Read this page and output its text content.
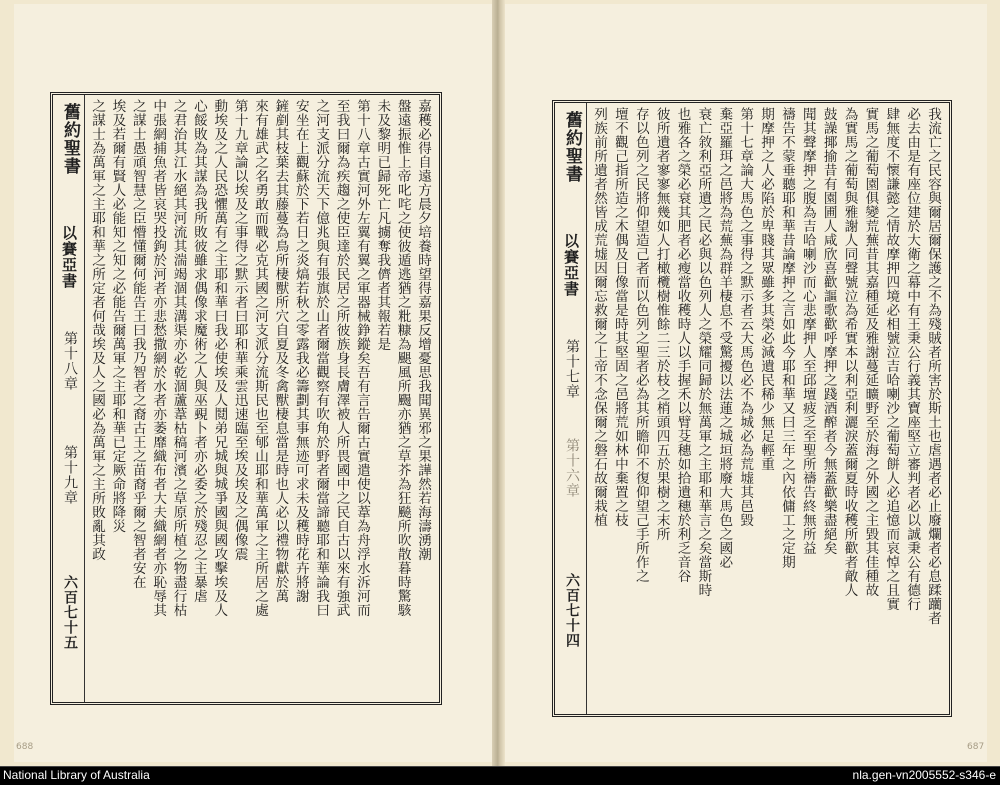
嘉穫必得自遠方晨夕培養時望得嘉果反增憂思我聞異邪之果譁然若海濤湧潮
盤遠振惟上帝叱咤之使彼遁逃猶之粃糠為颶風所颺亦猶之草芥為狂飈所吹散暮時驚駭
未及黎明已歸死亡凡擄奪我儕者其報若是
第十八章古實河外左翼有翼之軍器械錚鏦矣吾有言告爾古實遣使以葦為舟浮水泝河而
至我曰爾為疾趨之使臣達於民居之所彼族身長膚澤被人所畏國中之民自古以來有強武
之河支派分流天下億兆與有張旗於山者爾當觀察有吹角於野者爾當諦聽耶和華論我曰
安坐在上觀蘇於下若日之炎熇若秋之零露我必籌劃其事無迹可求未及穫時花卉將謝
鏟剷其枝葉去其藤蔓為鳥所棲獸所穴自夏及冬禽獸棲息當是時也人必以禮物獻於萬
來有雄武之名勇敢而戰必克其國之河支派分流斯民也至郇山耶和華萬軍之主所居之處
第十九章論以埃及之事得之默示者曰耶和華乘雲迅速臨至埃及埃及之偶像震
動埃及之人民恐懼萬有之主耶和華曰我必使埃及人鬩弟兄城與城爭國與國攻擊埃及人
心餒敗為其謀為我所敗彼雖求偶像求魔術之人與巫覡卜者亦必委之於殘忍之主暴虐
之君治其江水絕其河流其湍竭涸其溝渠亦必乾涸蘆葦枯稿河濱之草原所植之物盡行枯
中張網捕魚者皆哀哭投鉤於河者亦悲愁撒網於水者亦萎靡織布者大夫織網者亦恥辱其
之謀士愚頑智慧之臣懵懂爾何能告王曰我乃智者之裔古王之苗裔乎爾之智者安在
埃及若爾有賢人必能知之知之必能告爾萬軍之主耶和華已定厥命將降災
之謀士為萬軍之主耶和華之所定者何哉埃及人之國必為萬軍之主所敗亂其政
舊約聖書
以賽亞書
第十八章
第十九章
六百七十五
688
我流亡之民容與爾居爾保護之不為殘賊者所害於斯土也虐遇者必止廢爛者必息蹂躪者
必去由是有座位建於大衛之幕中有王秉公行義其寶座堅立審判者必以誠秉公有德行
肆無度不懷謙懿之情故摩押四境必相號泣吉哈喇沙之葡萄餅人必追憶而哀悼之且實
實馬之葡萄園俱變荒蕪昔其嘉種延及雅謝蔓延曠野至於海之外國之主毀其佳種故
為實馬之葡萄與雅謝人同聲號泣為希實本以利亞利灑淚蓋爾夏時收穫所歡者敵人
鼓譟揶揄昔有園圃人咸欣喜歡謳歌歡呼摩押之踐酒醡者今無蓋歡樂盡絕矣
聞其聲摩押之腹為吉哈喇沙而心悲摩押人至邱壇疲乏至聖所禱告終無所益
禱告不蒙垂聽耶和華昔論摩押之言如此今耶和華又曰三年之內依傭工之定期
期摩押之人必陷於卑賤其眾雖多其榮必減遺民稀少無足輕重
第十七章論大馬色之事得之默示者云大馬色必不為城必為荒墟其邑毀
棄亞羅珥之邑將為荒蕪為群羊棲息不受驚擾以法蓮之城垣將廢大馬色之國必
衰亡敘利亞所遺之民必與以色列人之榮耀同歸於無萬軍之主耶和華言之矣當斯時
也雅各之榮必衰其肥者必瘦當收穫時人以手握禾以臂芟穗如拾遺穗於利乏音谷
彼所遺者寥寥無幾如人打橄欖樹惟餘二三於枝之梢頭四五於果樹之末所
存以色列之民將仰望造己者而以色列之聖者必為其所瞻仰不復仰望己手所作之
壇不觀己指所造之木偶及日像當是時其堅固之邑將荒如林中棄置之枝
列族前所遺者然皆成荒墟因爾忘救爾之上帝不念保爾之磐石故爾栽植
舊約聖書
以賽亞書
第十七章
第十六章
六百七十四
687
National Library of Australia	nla.gen-vn2005552-s346-e
